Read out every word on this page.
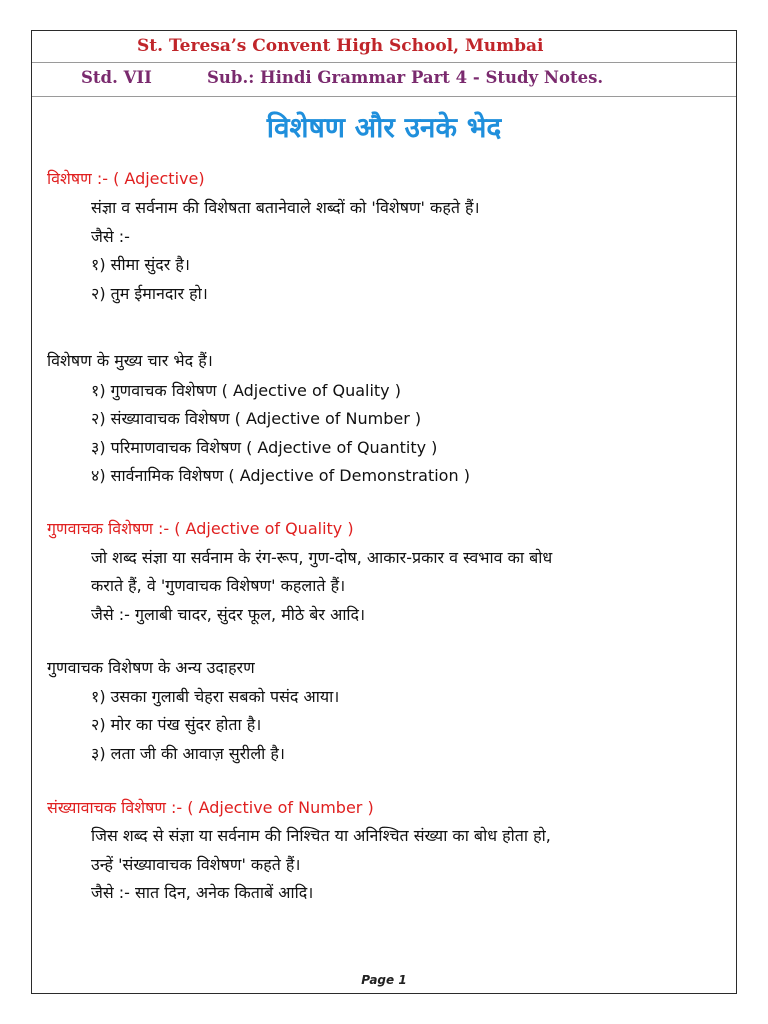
St. Teresa’s Convent High School, Mumbai
Std. VII	Sub.: Hindi Grammar Part 4 - Study Notes.
विशेषण और उनके भेद
विशेषण :- ( Adjective)
संज्ञा व सर्वनाम की विशेषता बतानेवाले शब्दों को 'विशेषण' कहते हैं।
जैसे :-
१) सीमा सुंदर है।
२) तुम ईमानदार हो।
विशेषण के मुख्य चार भेद हैं।
१) गुणवाचक विशेषण ( Adjective of Quality )
२) संख्यावाचक विशेषण ( Adjective of Number )
३) परिमाणवाचक विशेषण ( Adjective of Quantity )
४) सार्वनामिक विशेषण ( Adjective of Demonstration )
गुणवाचक विशेषण :- ( Adjective of Quality )
जो शब्द संज्ञा या सर्वनाम के रंग-रूप, गुण-दोष, आकार-प्रकार व स्वभाव का बोध
कराते हैं, वे 'गुणवाचक विशेषण' कहलाते हैं।
जैसे :- गुलाबी चादर, सुंदर फूल, मीठे बेर आदि।
गुणवाचक विशेषण के अन्य उदाहरण
१) उसका गुलाबी चेहरा सबको पसंद आया।
२) मोर का पंख सुंदर होता है।
३) लता जी की आवाज़ सुरीली है।
संख्यावाचक विशेषण :- ( Adjective of Number )
जिस शब्द से संज्ञा या सर्वनाम की निश्चित या अनिश्चित संख्या का बोध होता हो,
उन्हें 'संख्यावाचक विशेषण' कहते हैं।
जैसे :- सात दिन, अनेक किताबें आदि।
Page 1
